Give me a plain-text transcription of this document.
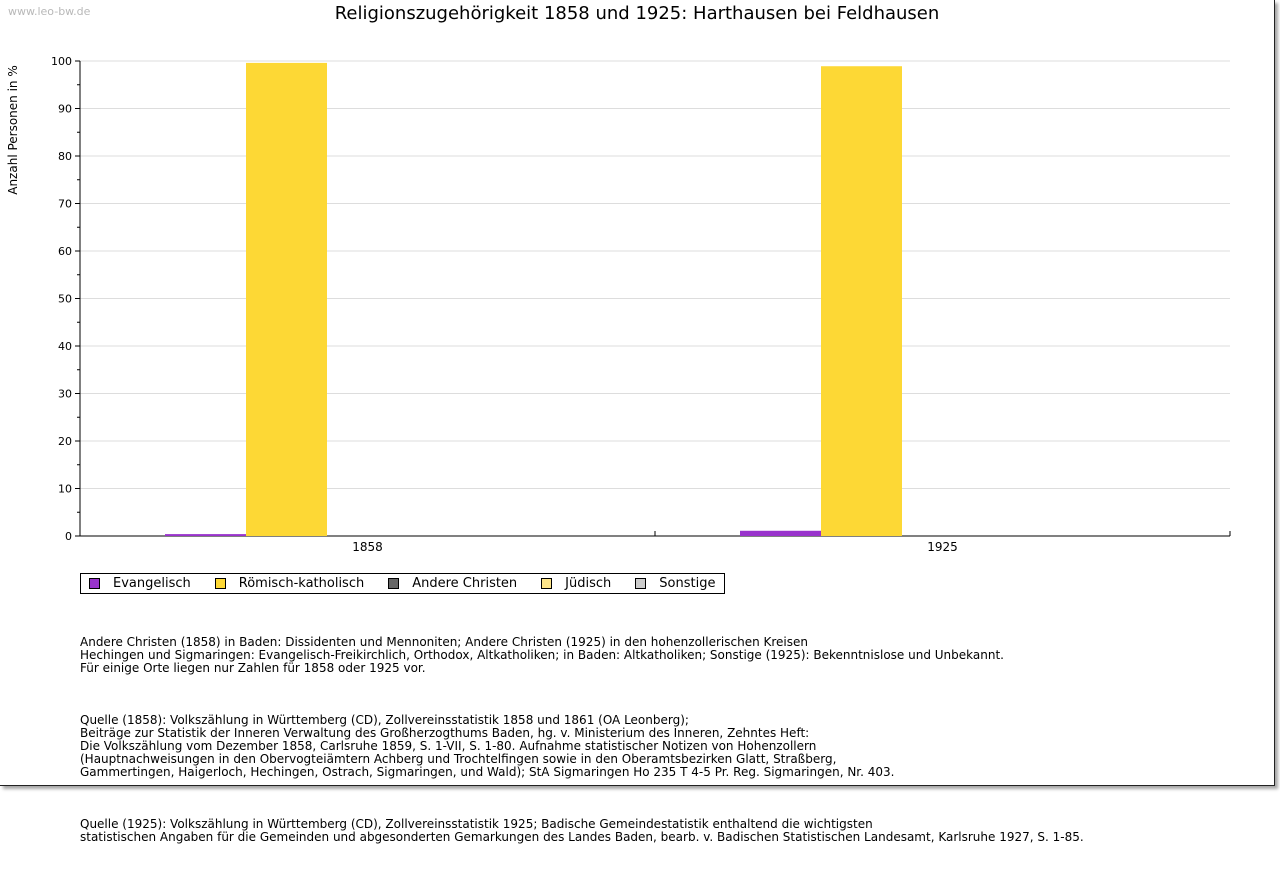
www.leo-bw.de	Religionszugehörigkeit 1858 und 1925: Harthausen bei Feldhausen
0
10
20
30
40
50
60
70
80
90
100
1858	1925
Anzahl Personen in %
Evangelisch	Römisch-katholisch	Andere Christen	Jüdisch	Sonstige

Andere Christen (1858) in Baden: Dissidenten und Mennoniten; Andere Christen (1925) in den hohenzollerischen Kreisen
Hechingen und Sigmaringen: Evangelisch-Freikirchlich, Orthodox, Altkatholiken; in Baden: Altkatholiken; Sonstige (1925): Bekenntnislose und Unbekannt.
Für einige Orte liegen nur Zahlen für 1858 oder 1925 vor.

Quelle (1858): Volkszählung in Württemberg (CD), Zollvereinsstatistik 1858 und 1861 (OA Leonberg);
Beiträge zur Statistik der Inneren Verwaltung des Großherzogthums Baden, hg. v. Ministerium des Inneren, Zehntes Heft:
Die Volkszählung vom Dezember 1858, Carlsruhe 1859, S. 1-VII, S. 1-80. Aufnahme statistischer Notizen von Hohenzollern
(Hauptnachweisungen in den Obervogteiämtern Achberg und Trochtelfingen sowie in den Oberamtsbezirken Glatt, Straßberg,
Gammertingen, Haigerloch, Hechingen, Ostrach, Sigmaringen, und Wald); StA Sigmaringen Ho 235 T 4-5 Pr. Reg. Sigmaringen, Nr. 403.

Quelle (1925): Volkszählung in Württemberg (CD), Zollvereinsstatistik 1925; Badische Gemeindestatistik enthaltend die wichtigsten
statistischen Angaben für die Gemeinden und abgesonderten Gemarkungen des Landes Baden, bearb. v. Badischen Statistischen Landesamt, Karlsruhe 1927, S. 1-85.
